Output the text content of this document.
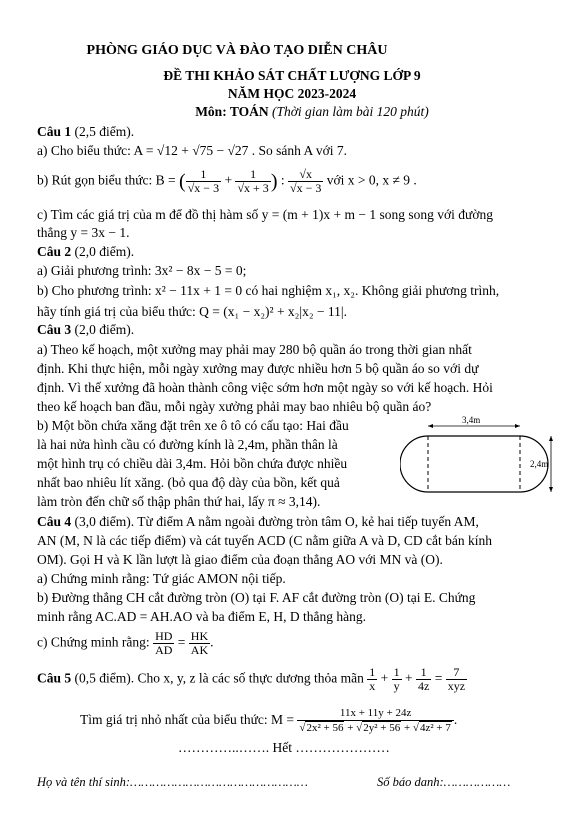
PHÒNG GIÁO DỤC VÀ ĐÀO TẠO DIỄN CHÂU
ĐỀ THI KHẢO SÁT CHẤT LƯỢNG LỚP 9
NĂM HỌC 2023-2024
Môn: TOÁN (Thời gian làm bài 120 phút)
Câu 1 (2,5 điểm).
a) Cho biểu thức: A = √12 + √75 − √27 . So sánh A với 7.
b) Rút gọn biểu thức: B = ( $\frac{1}{√x - 3} + \frac{1}{√x + 3}$ ) : $\frac{√x}{√x - 3}$ với x > 0, x ≠ 9 .
c) Tìm các giá trị của m để đồ thị hàm số y = (m + 1)x + m − 1 song song với đường
thẳng y = 3x − 1.
Câu 2 (2,0 điểm).
a) Giải phương trình: 3x² − 8x − 5 = 0;
b) Cho phương trình: x² − 11x + 1 = 0 có hai nghiệm x₁, x₂. Không giải phương trình,
hãy tính giá trị của biểu thức: Q = (x₁ − x₂)² + x₂|x₂ − 11|.
Câu 3 (2,0 điểm).
a) Theo kế hoạch, một xưởng may phải may 280 bộ quần áo trong thời gian nhất
định. Khi thực hiện, mỗi ngày xưởng may được nhiều hơn 5 bộ quần áo so với dự
định. Vì thế xưởng đã hoàn thành công việc sớm hơn một ngày so với kế hoạch. Hỏi
theo kế hoạch ban đầu, mỗi ngày xưởng phải may bao nhiêu bộ quần áo?
b) Một bồn chứa xăng đặt trên xe ô tô có cấu tạo: Hai đầu
là hai nửa hình cầu có đường kính là 2,4m, phần thân là
một hình trụ có chiều dài 3,4m. Hỏi bồn chứa được nhiều
nhất bao nhiêu lít xăng. (bỏ qua độ dày của bồn, kết quả
làm tròn đến chữ số thập phân thứ hai, lấy π ≈ 3,14).
3,4m
2,4m
Câu 4 (3,0 điểm). Từ điểm A nằm ngoài đường tròn tâm O, kẻ hai tiếp tuyến AM,
AN (M, N là các tiếp điểm) và cát tuyến ACD (C nằm giữa A và D, CD cắt bán kính
OM). Gọi H và K lần lượt là giao điểm của đoạn thẳng AO với MN và (O).
a) Chứng minh rằng: Tứ giác AMON nội tiếp.
b) Đường thẳng CH cắt đường tròn (O) tại F. AF cắt đường tròn (O) tại E. Chứng
minh rằng AC.AD = AH.AO và ba điểm E, H, D thẳng hàng.
c) Chứng minh rằng: $\frac{HD}{AD} = \frac{HK}{AK}$ .
Câu 5 (0,5 điểm). Cho x, y, z là các số thực dương thỏa mãn $\frac{1}{x} + \frac{1}{y} + \frac{1}{4z} = \frac{7}{\text{xyz}}$
Tìm giá trị nhỏ nhất của biểu thức: $M = \frac{11x + 11y + 24z}{\text{√2x² + 56 + √2y² + 56 + √4z² + 7}}$ .
…………..……. Hết …………………
Họ và tên thí sinh:…………………………………………	Số báo danh:………………
